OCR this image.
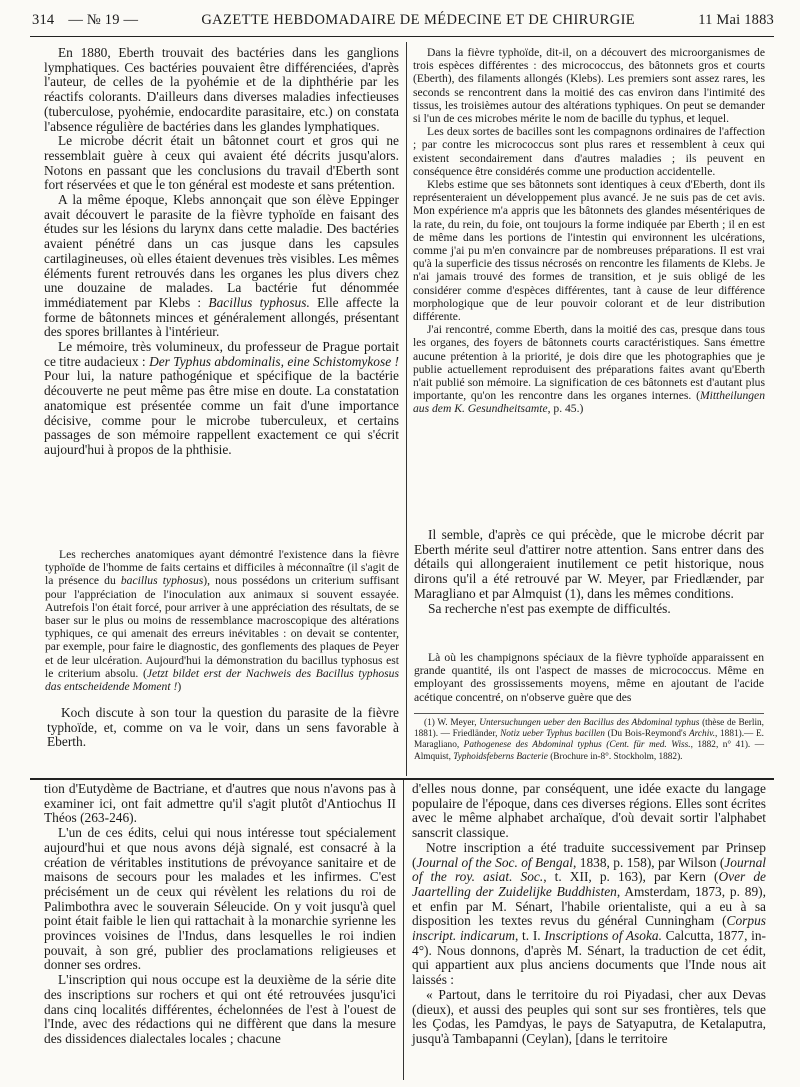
314 — № 19 —	GAZETTE HEBDOMADAIRE DE MÉDECINE ET DE CHIRURGIE	11 Mai 1883

En 1880, Eberth trouvait des bactéries dans les ganglions lymphatiques. Ces bactéries pouvaient être différenciées, d'après l'auteur, de celles de la pyohémie et de la diphthérie par les réactifs colorants. D'ailleurs dans diverses maladies infectieuses (tuberculose, pyohémie, endocardite parasitaire, etc.) on constata l'absence régulière de bactéries dans les glandes lymphatiques.

Le microbe décrit était un bâtonnet court et gros qui ne ressemblait guère à ceux qui avaient été décrits jusqu'alors. Notons en passant que les conclusions du travail d'Eberth sont fort réservées et que le ton général est modeste et sans prétention.

A la même époque, Klebs annonçait que son élève Eppinger avait découvert le parasite de la fièvre typhoïde en faisant des études sur les lésions du larynx dans cette maladie. Des bactéries avaient pénétré dans un cas jusque dans les capsules cartilagineuses, où elles étaient devenues très visibles. Les mêmes éléments furent retrouvés dans les organes les plus divers chez une douzaine de malades. La bactérie fut dénommée immédiatement par Klebs : Bacillus typhosus. Elle affecte la forme de bâtonnets minces et généralement allongés, présentant des spores brillantes à l'intérieur.

Le mémoire, très volumineux, du professeur de Prague portait ce titre audacieux : Der Typhus abdominalis, eine Schistomykose ! Pour lui, la nature pathogénique et spécifique de la bactérie découverte ne peut même pas être mise en doute. La constatation anatomique est présentée comme un fait d'une importance décisive, comme pour le microbe tuberculeux, et certains passages de son mémoire rappellent exactement ce qui s'écrit aujourd'hui à propos de la phthisie.

Les recherches anatomiques ayant démontré l'existence dans la fièvre typhoïde de l'homme de faits certains et difficiles à méconnaître (il s'agit de la présence du bacillus typhosus), nous possédons un criterium suffisant pour l'appréciation de l'inoculation aux animaux si souvent essayée. Autrefois l'on était forcé, pour arriver à une appréciation des résultats, de se baser sur le plus ou moins de ressemblance macroscopique des altérations typhiques, ce qui amenait des erreurs inévitables : on devait se contenter, par exemple, pour faire le diagnostic, des gonflements des plaques de Peyer et de leur ulcération. Aujourd'hui la démonstration du bacillus typhosus est le criterium absolu. (Jetzt bildet erst der Nachweis des Bacillus typhosus das entscheidende Moment !)

Koch discute à son tour la question du parasite de la fièvre typhoïde, et, comme on va le voir, dans un sens favorable à Eberth.

Dans la fièvre typhoïde, dit-il, on a découvert des microorganismes de trois espèces différentes : des micrococcus, des bâtonnets gros et courts (Eberth), des filaments allongés (Klebs). Les premiers sont assez rares, les seconds se rencontrent dans la moitié des cas environ dans l'intimité des tissus, les troisièmes autour des altérations typhiques. On peut se demander si l'un de ces microbes mérite le nom de bacille du typhus, et lequel.

Les deux sortes de bacilles sont les compagnons ordinaires de l'affection ; par contre les micrococcus sont plus rares et ressemblent à ceux qui existent secondairement dans d'autres maladies ; ils peuvent en conséquence être considérés comme une production accidentelle.

Klebs estime que ses bâtonnets sont identiques à ceux d'Eberth, dont ils représenteraient un développement plus avancé. Je ne suis pas de cet avis. Mon expérience m'a appris que les bâtonnets des glandes mésentériques de la rate, du rein, du foie, ont toujours la forme indiquée par Eberth ; il en est de même dans les portions de l'intestin qui environnent les ulcérations, comme j'ai pu m'en convaincre par de nombreuses préparations. Il est vrai qu'à la superficie des tissus nécrosés on rencontre les filaments de Klebs. Je n'ai jamais trouvé des formes de transition, et je suis obligé de les considérer comme d'espèces différentes, tant à cause de leur différence morphologique que de leur pouvoir colorant et de leur distribution différente.

J'ai rencontré, comme Eberth, dans la moitié des cas, presque dans tous les organes, des foyers de bâtonnets courts caractéristiques. Sans émettre aucune prétention à la priorité, je dois dire que les photographies que je publie actuellement reproduisent des préparations faites avant qu'Eberth n'ait publié son mémoire. La signification de ces bâtonnets est d'autant plus importante, qu'on les rencontre dans les organes internes. (Mittheilungen aus dem K. Gesundheitsamte, p. 45.)

Il semble, d'après ce qui précède, que le microbe décrit par Eberth mérite seul d'attirer notre attention. Sans entrer dans des détails qui allongeraient inutilement ce petit historique, nous dirons qu'il a été retrouvé par W. Meyer, par Friedlænder, par Maragliano et par Almquist (1), dans les mêmes conditions.

Sa recherche n'est pas exempte de difficultés.

Là où les champignons spéciaux de la fièvre typhoïde apparaissent en grande quantité, ils ont l'aspect de masses de micrococcus. Même en employant des grossissements moyens, même en ajoutant de l'acide acétique concentré, on n'observe guère que des

(1) W. Meyer, Untersuchungen ueber den Bacillus des Abdominal typhus (thèse de Berlin, 1881). — Friedländer, Notiz ueber Typhus bacillen (Du Bois-Reymond's Archiv., 1881).— E. Maragliano, Pathogenese des Abdominal typhus (Cent. für med. Wiss., 1882, n° 41). — Almquist, Typhoidsfeberns Bacterie (Brochure in-8°. Stockholm, 1882).

tion d'Eutydème de Bactriane, et d'autres que nous n'avons pas à examiner ici, ont fait admettre qu'il s'agit plutôt d'Antiochus II Théos (263-246).

L'un de ces édits, celui qui nous intéresse tout spécialement aujourd'hui et que nous avons déjà signalé, est consacré à la création de véritables institutions de prévoyance sanitaire et de maisons de secours pour les malades et les infirmes. C'est précisément un de ceux qui révèlent les relations du roi de Palimbothra avec le souverain Séleucide. On y voit jusqu'à quel point était faible le lien qui rattachait à la monarchie syrienne les provinces voisines de l'Indus, dans lesquelles le roi indien pouvait, à son gré, publier des proclamations religieuses et donner ses ordres.

L'inscription qui nous occupe est la deuxième de la série dite des inscriptions sur rochers et qui ont été retrouvées jusqu'ici dans cinq localités différentes, échelonnées de l'est à l'ouest de l'Inde, avec des rédactions qui ne diffèrent que dans la mesure des dissidences dialectales locales ; chacune

d'elles nous donne, par conséquent, une idée exacte du langage populaire de l'époque, dans ces diverses régions. Elles sont écrites avec le même alphabet archaïque, d'où devait sortir l'alphabet sanscrit classique.

Notre inscription a été traduite successivement par Prinsep (Journal of the Soc. of Bengal, 1838, p. 158), par Wilson (Journal of the roy. asiat. Soc., t. XII, p. 163), par Kern (Over de Jaartelling der Zuidelijke Buddhisten, Amsterdam, 1873, p. 89), et enfin par M. Sénart, l'habile orientaliste, qui a eu à sa disposition les textes revus du général Cunningham (Corpus inscript. indicarum, t. I. Inscriptions of Asoka. Calcutta, 1877, in-4°). Nous donnons, d'après M. Sénart, la traduction de cet édit, qui appartient aux plus anciens documents que l'Inde nous ait laissés :

« Partout, dans le territoire du roi Piyadasi, cher aux Devas (dieux), et aussi des peuples qui sont sur ses frontières, tels que les Çodas, les Pamdyas, le pays de Satyaputra, de Ketalaputra, jusqu'à Tambapanni (Ceylan), [dans le territoire
